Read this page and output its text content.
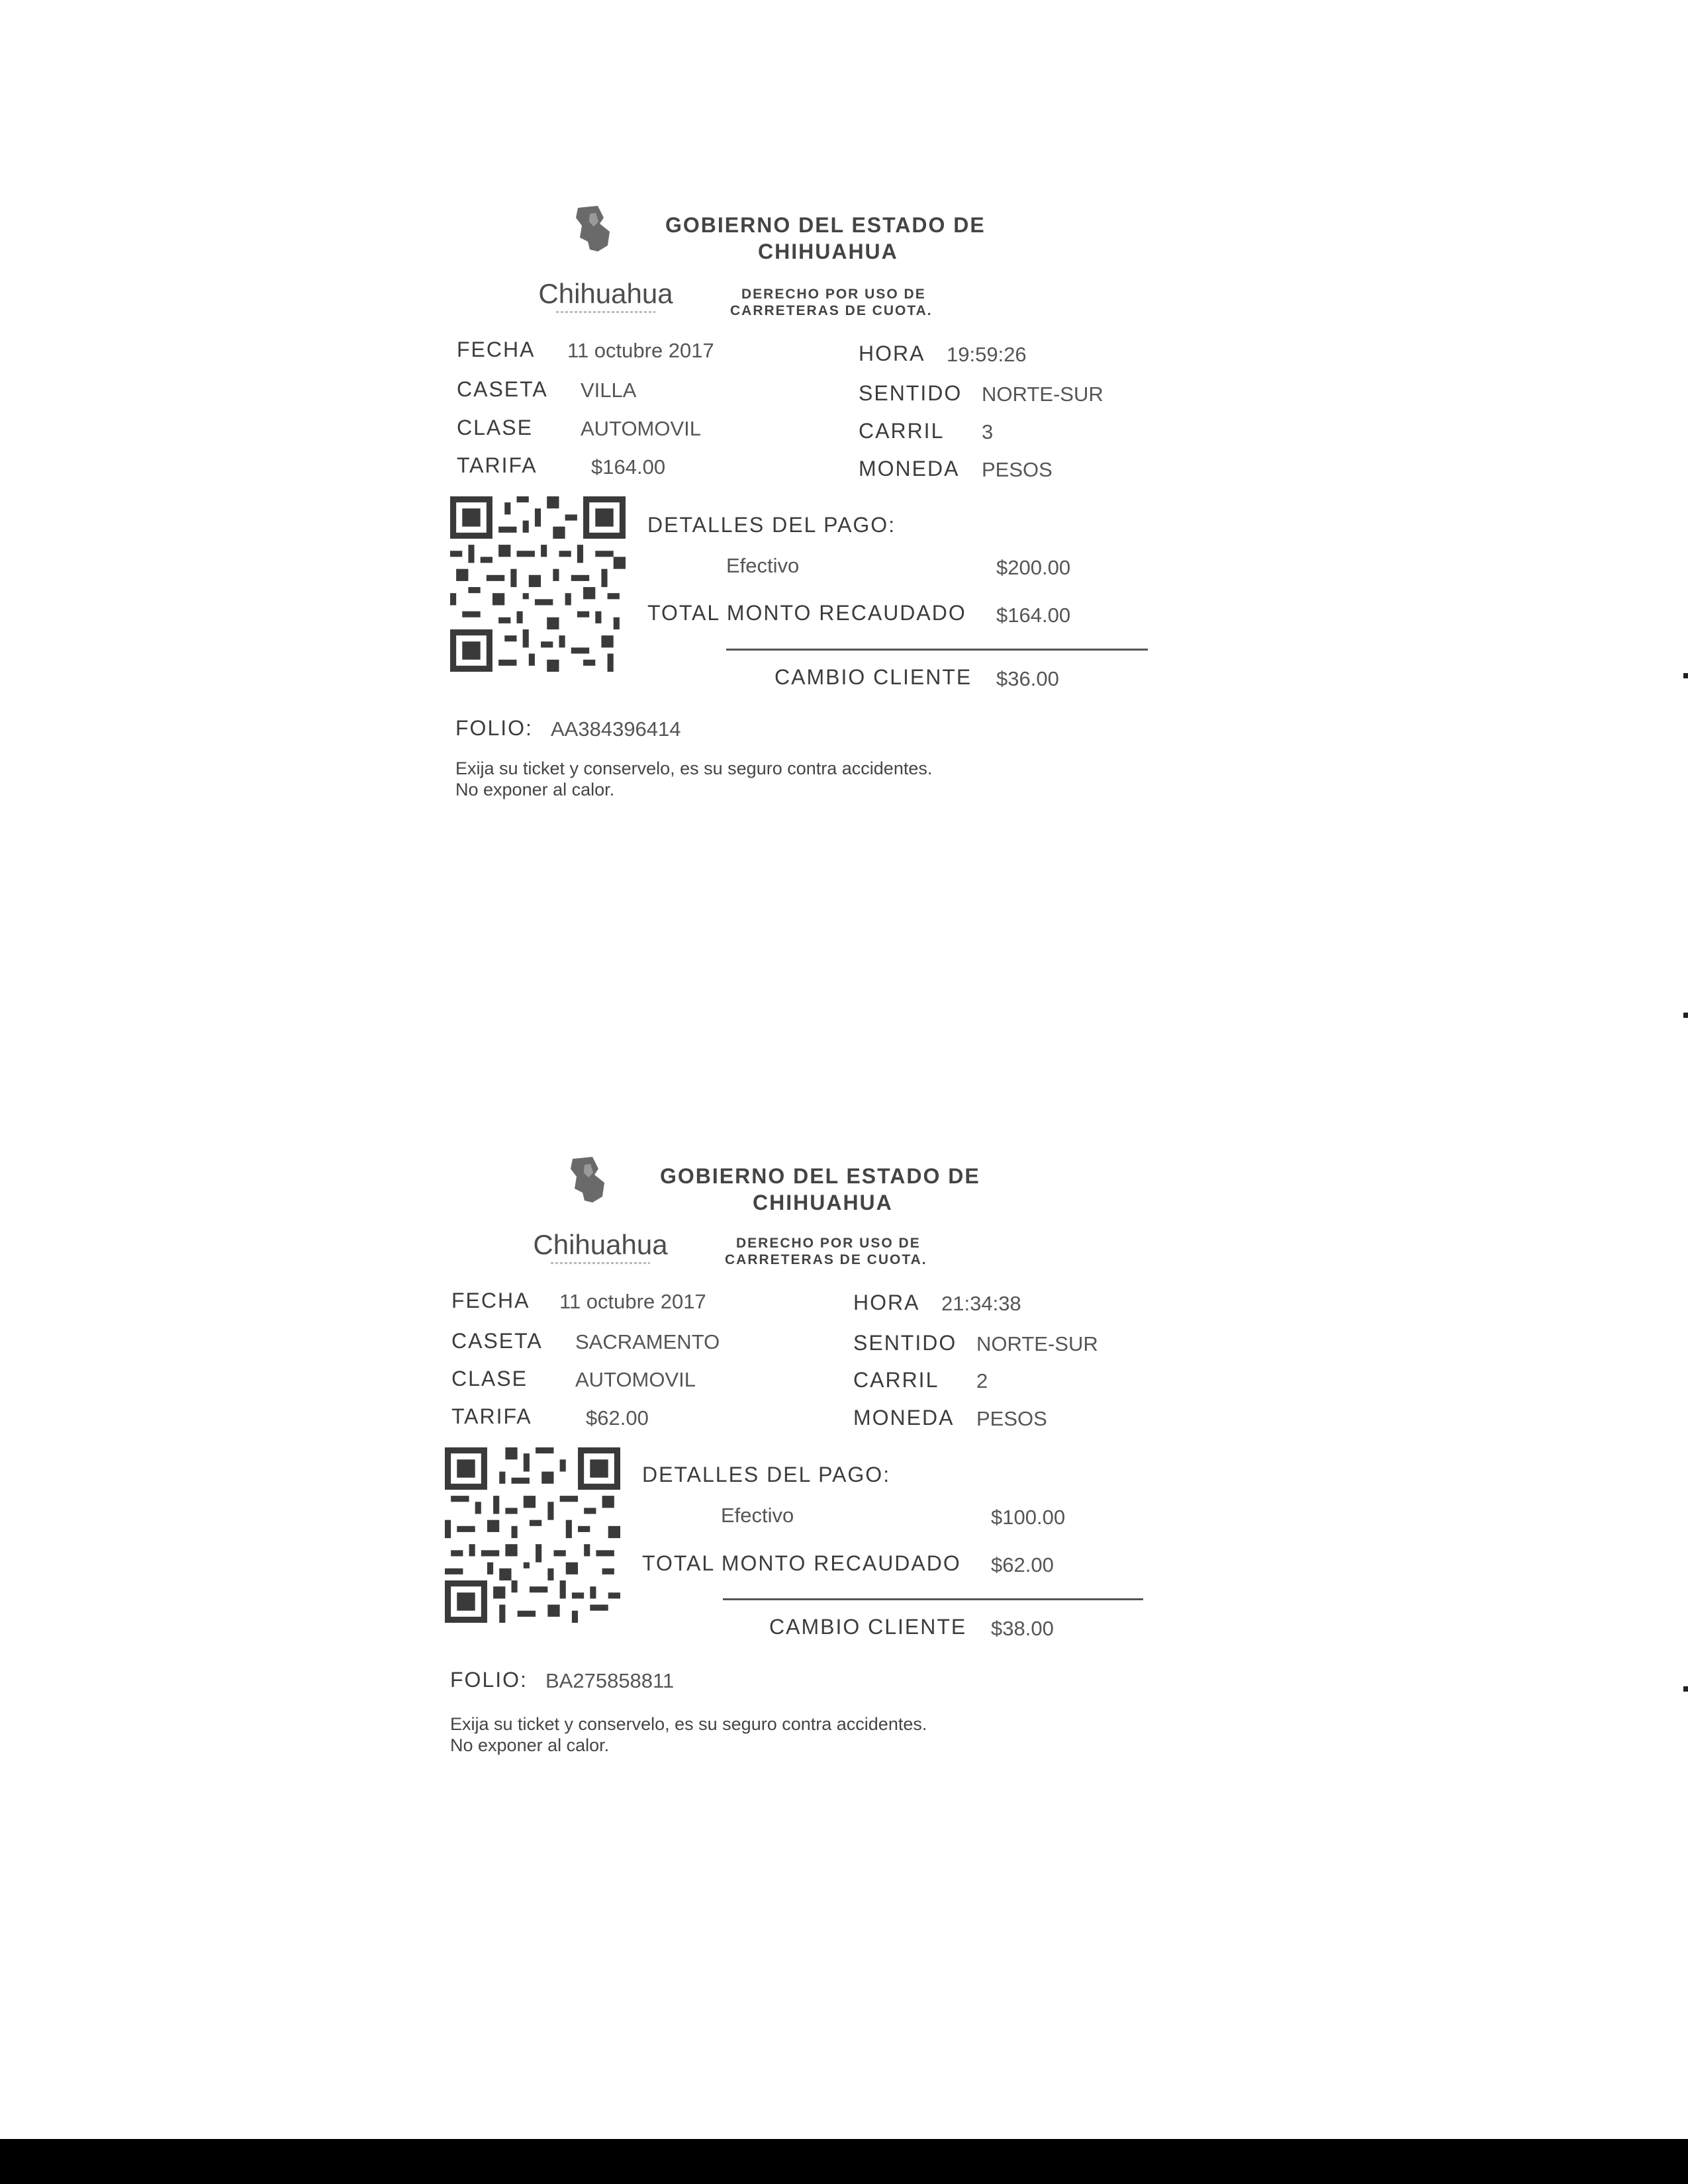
Chihuahua
GOBIERNO DEL ESTADO DE
CHIHUAHUA
DERECHO POR USO DE
CARRETERAS DE CUOTA.
FECHA 11 octubre 2017	HORA 19:59:26
CASETA VILLA	SENTIDO NORTE-SUR
CLASE AUTOMOVIL	CARRIL 3
TARIFA	$164.00	MONEDA PESOS
DETALLES DEL PAGO:
Efectivo	$200.00
TOTAL MONTO RECAUDADO $164.00
CAMBIO CLIENTE $36.00
FOLIO: AA384396414
Exija su ticket y conservelo, es su seguro contra accidentes.
No exponer al calor.
Chihuahua
GOBIERNO DEL ESTADO DE
CHIHUAHUA
DERECHO POR USO DE
CARRETERAS DE CUOTA.
FECHA 11 octubre 2017	HORA 21:34:38
CASETA SACRAMENTO	SENTIDO NORTE-SUR
CLASE AUTOMOVIL	CARRIL 2
TARIFA	$62.00	MONEDA PESOS
DETALLES DEL PAGO:
Efectivo	$100.00
TOTAL MONTO RECAUDADO $62.00
CAMBIO CLIENTE $38.00
FOLIO: BA275858811
Exija su ticket y conservelo, es su seguro contra accidentes.
No exponer al calor.
